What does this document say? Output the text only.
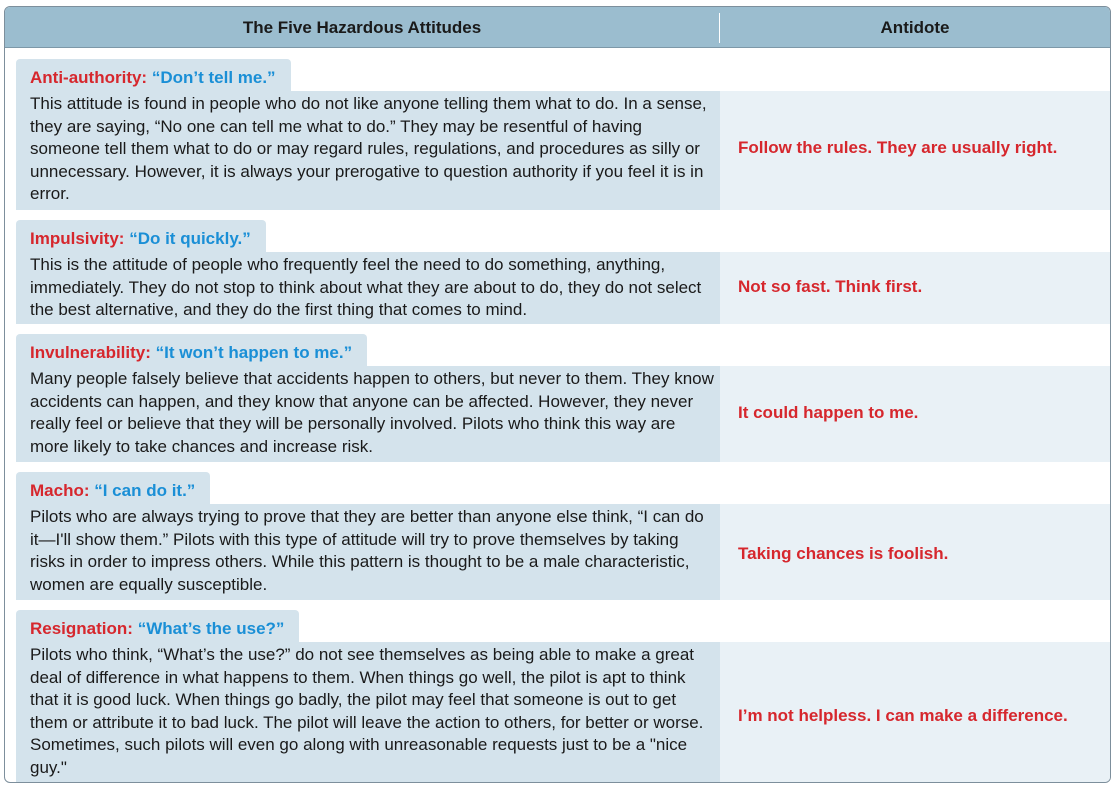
The Five Hazardous Attitudes	Antidote
Anti-authority: “Don’t tell me.”
This attitude is found in people who do not like anyone telling them what to do. In a sense, they are saying, “No one can tell me what to do.” They may be resentful of having someone tell them what to do or may regard rules, regulations, and procedures as silly or unnecessary. However, it is always your prerogative to question authority if you feel it is in error.
Follow the rules. They are usually right.
Impulsivity: “Do it quickly.”
This is the attitude of people who frequently feel the need to do something, anything, immediately. They do not stop to think about what they are about to do, they do not select the best alternative, and they do the first thing that comes to mind.
Not so fast. Think first.
Invulnerability: “It won’t happen to me.”
Many people falsely believe that accidents happen to others, but never to them. They know accidents can happen, and they know that anyone can be affected. However, they never really feel or believe that they will be personally involved. Pilots who think this way are more likely to take chances and increase risk.
It could happen to me.
Macho: “I can do it.”
Pilots who are always trying to prove that they are better than anyone else think, “I can do it—I'll show them.” Pilots with this type of attitude will try to prove themselves by taking risks in order to impress others. While this pattern is thought to be a male characteristic, women are equally susceptible.
Taking chances is foolish.
Resignation: “What’s the use?”
Pilots who think, “What’s the use?” do not see themselves as being able to make a great deal of difference in what happens to them. When things go well, the pilot is apt to think that it is good luck. When things go badly, the pilot may feel that someone is out to get them or attribute it to bad luck. The pilot will leave the action to others, for better or worse. Sometimes, such pilots will even go along with unreasonable requests just to be a "nice guy."
I’m not helpless. I can make a difference.
